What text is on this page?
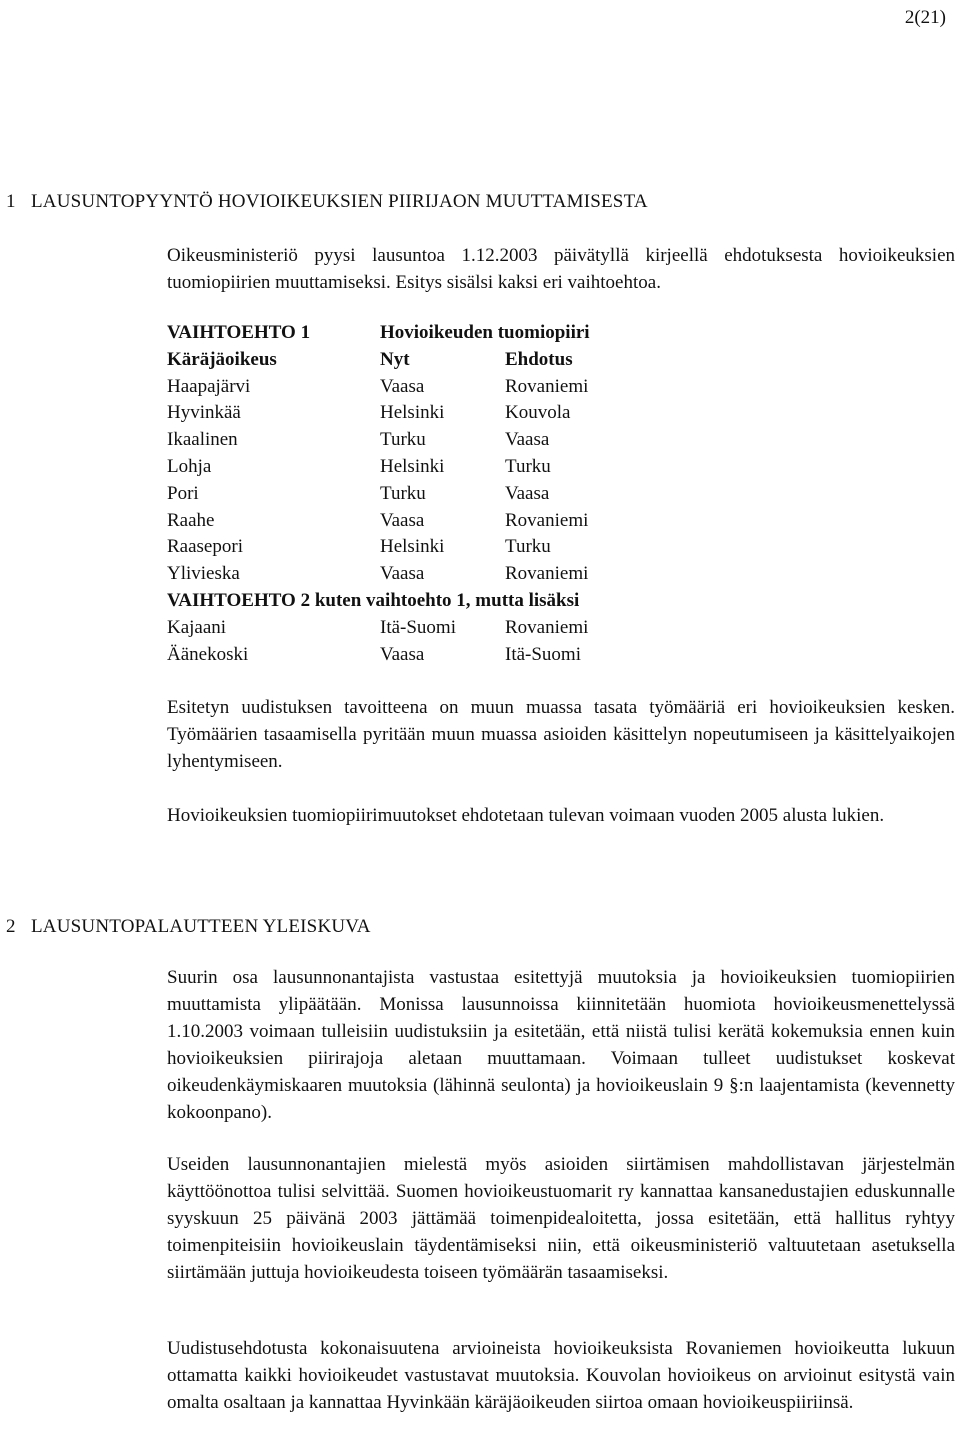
2(21)
1 LAUSUNTOPYYNTÖ HOVIOIKEUKSIEN PIIRIJAON MUUTTAMISESTA

Oikeusministeriö pyysi lausuntoa 1.12.2003 päivätyllä kirjeellä ehdotuksesta hovioikeuksien tuomiopiirien muuttamiseksi. Esitys sisälsi kaksi eri vaihtoehtoa.

VAIHTOEHTO 1	Hovioikeuden tuomiopiiri
Käräjäoikeus	Nyt	Ehdotus
Haapajärvi	Vaasa	Rovaniemi
Hyvinkää	Helsinki	Kouvola
Ikaalinen	Turku	Vaasa
Lohja	Helsinki	Turku
Pori	Turku	Vaasa
Raahe	Vaasa	Rovaniemi
Raasepori	Helsinki	Turku
Ylivieska	Vaasa	Rovaniemi
VAIHTOEHTO 2 kuten vaihtoehto 1, mutta lisäksi
Kajaani	Itä-Suomi	Rovaniemi
Äänekoski	Vaasa	Itä-Suomi

Esitetyn uudistuksen tavoitteena on muun muassa tasata työmääriä eri hovioikeuksien kesken. Työmäärien tasaamisella pyritään muun muassa asioiden käsittelyn nopeutumiseen ja käsittelyaikojen lyhentymiseen.

Hovioikeuksien tuomiopiirimuutokset ehdotetaan tulevan voimaan vuoden 2005 alusta lukien.

2 LAUSUNTOPALAUTTEEN YLEISKUVA

Suurin osa lausunnonantajista vastustaa esitettyjä muutoksia ja hovioikeuksien tuomiopiirien muuttamista ylipäätään. Monissa lausunnoissa kiinnitetään huomiota hovioikeusmenettelyssä 1.10.2003 voimaan tulleisiin uudistuksiin ja esitetään, että niistä tulisi kerätä kokemuksia ennen kuin hovioikeuksien piirirajoja aletaan muuttamaan. Voimaan tulleet uudistukset koskevat oikeudenkäymiskaaren muutoksia (lähinnä seulonta) ja hovioikeuslain 9 §:n laajentamista (kevennetty kokoonpano).

Useiden lausunnonantajien mielestä myös asioiden siirtämisen mahdollistavan järjestelmän käyttöönottoa tulisi selvittää. Suomen hovioikeustuomarit ry kannattaa kansanedustajien eduskunnalle syyskuun 25 päivänä 2003 jättämää toimenpidealoitetta, jossa esitetään, että hallitus ryhtyy toimenpiteisiin hovioikeuslain täydentämiseksi niin, että oikeusministeriö valtuutetaan asetuksella siirtämään juttuja hovioikeudesta toiseen työmäärän tasaamiseksi.

Uudistusehdotusta kokonaisuutena arvioineista hovioikeuksista Rovaniemen hovioikeutta lukuun ottamatta kaikki hovioikeudet vastustavat muutoksia. Kouvolan hovioikeus on arvioinut esitystä vain omalta osaltaan ja kannattaa Hyvinkään käräjäoikeuden siirtoa omaan hovioikeuspiiriinsä.
